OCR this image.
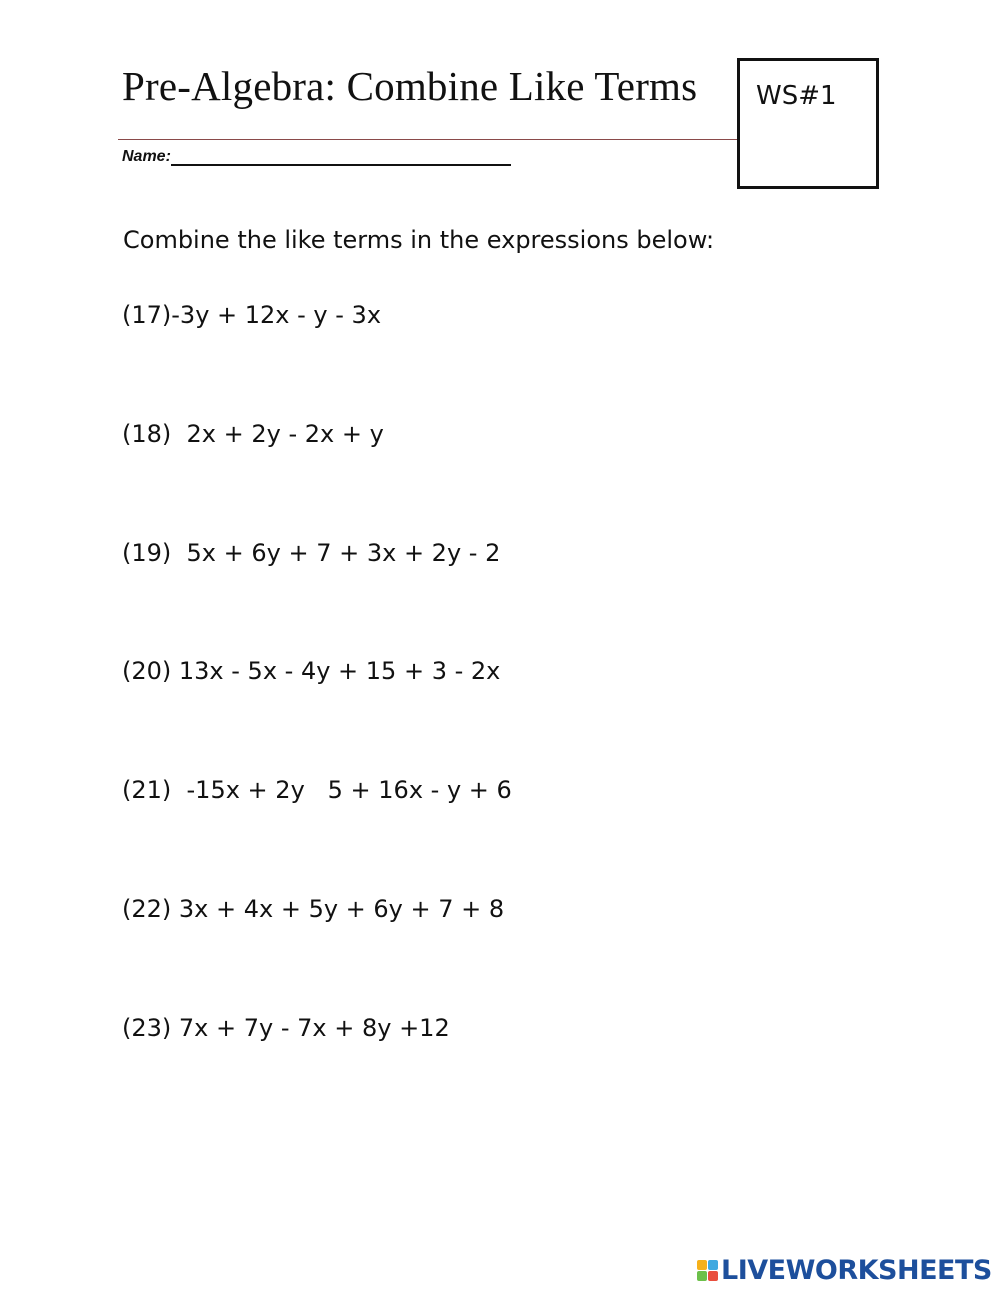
Pre-Algebra: Combine Like Terms WS#1
Name:
Combine the like terms in the expressions below:
(17)-3y + 12x - y - 3x
(18)  2x + 2y - 2x + y
(19)  5x + 6y + 7 + 3x + 2y - 2
(20) 13x - 5x - 4y + 15 + 3 - 2x
(21)  -15x + 2y   5 + 16x - y + 6
(22) 3x + 4x + 5y + 6y + 7 + 8
(23) 7x + 7y - 7x + 8y +12
LIVEWORKSHEETS
